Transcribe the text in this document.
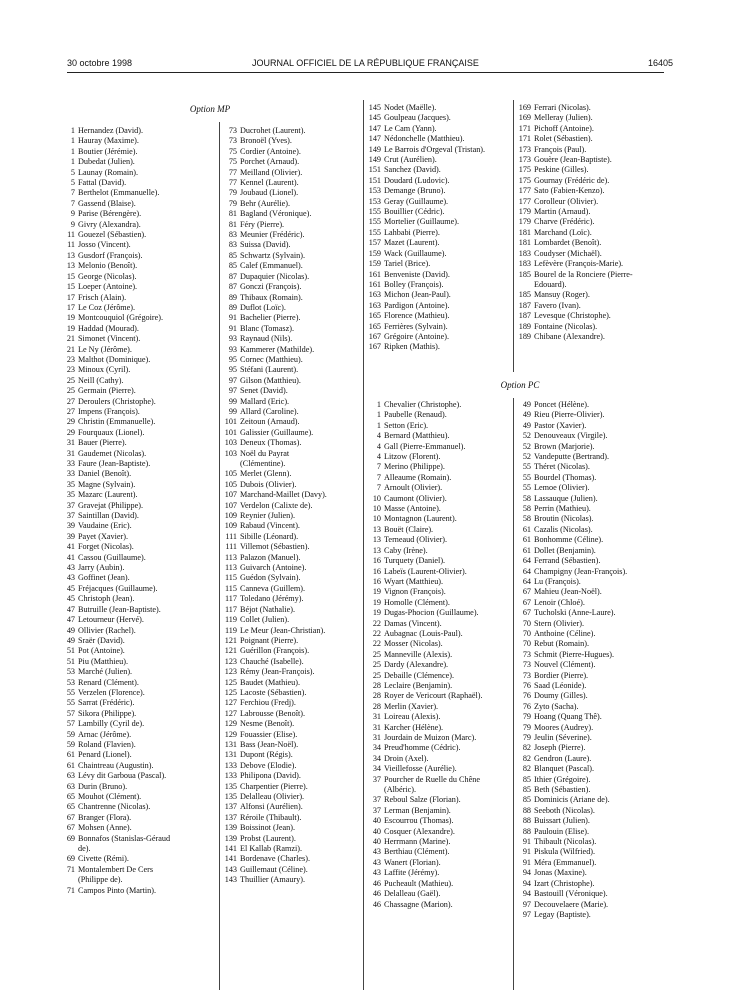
30 octobre 1998	JOURNAL OFFICIEL DE LA RÉPUBLIQUE FRANÇAISE	16405
Option MP
Option PC
1 Hernandez (David).
1 Hauray (Maxime).
1 Boutier (Jérémie).
1 Dubedat (Julien).
5 Launay (Romain).
5 Fattal (David).
7 Berthelot (Emmanuelle).
7 Gassend (Blaise).
9 Parise (Bérengère).
9 Givry (Alexandra).
11 Gouezel (Sébastien).
11 Josso (Vincent).
13 Gusdorf (François).
13 Melonio (Benoît).
15 George (Nicolas).
15 Loeper (Antoine).
17 Frisch (Alain).
17 Le Coz (Jérôme).
19 Montcouquiol (Grégoire).
19 Haddad (Mourad).
21 Simonet (Vincent).
21 Le Ny (Jérôme).
23 Malthot (Dominique).
23 Minoux (Cyril).
25 Neill (Cathy).
25 Germain (Pierre).
27 Deroulers (Christophe).
27 Impens (François).
29 Christin (Emmanuelle).
29 Fourquaux (Lionel).
31 Bauer (Pierre).
31 Gaudemet (Nicolas).
33 Faure (Jean-Baptiste).
33 Daniel (Benoît).
35 Magne (Sylvain).
35 Mazarc (Laurent).
37 Gravejat (Philippe).
37 Saintillan (David).
39 Vaudaine (Eric).
39 Payet (Xavier).
41 Forget (Nicolas).
41 Cassou (Guillaume).
43 Jarry (Aubin).
43 Goffinet (Jean).
45 Fréjacques (Guillaume).
45 Christoph (Jean).
47 Butruille (Jean-Baptiste).
47 Letourneur (Hervé).
49 Ollivier (Rachel).
49 Sraër (David).
51 Pot (Antoine).
51 Piu (Matthieu).
53 Marché (Julien).
53 Renard (Clément).
55 Verzelen (Florence).
55 Sarrat (Frédéric).
57 Sikora (Philippe).
57 Lambilly (Cyril de).
59 Arnac (Jérôme).
59 Roland (Flavien).
61 Penard (Lionel).
61 Chaintreau (Augustin).
63 Lévy dit Garboua (Pascal).
63 Durin (Bruno).
65 Mouhot (Clément).
65 Chantrenne (Nicolas).
67 Branger (Flora).
67 Mohsen (Anne).
69 Bonnafos (Stanislas-Géraud de).
69 Civette (Rémi).
71 Montalembert De Cers (Philippe de).
71 Campos Pinto (Martin).
73 Ducrohet (Laurent).
73 Bronoël (Yves).
75 Cordier (Antoine).
75 Porchet (Arnaud).
77 Meilland (Olivier).
77 Kennel (Laurent).
79 Joubaud (Lionel).
79 Behr (Aurélie).
81 Bagland (Véronique).
81 Féry (Pierre).
83 Meunier (Frédéric).
83 Suissa (David).
85 Schwartz (Sylvain).
85 Calef (Emmanuel).
87 Dupaquier (Nicolas).
87 Gonczi (François).
89 Thibaux (Romain).
89 Duflot (Loïc).
91 Bachelier (Pierre).
91 Blanc (Tomasz).
93 Raynaud (Nils).
93 Kammerer (Mathilde).
95 Cornec (Matthieu).
95 Stéfani (Laurent).
97 Gilson (Matthieu).
97 Senet (David).
99 Mallard (Eric).
99 Allard (Caroline).
101 Zeitoun (Arnaud).
101 Galissier (Guillaume).
103 Deneux (Thomas).
103 Noël du Payrat (Clémentine).
105 Merlet (Glenn).
105 Dubois (Olivier).
107 Marchand-Maillet (Davy).
107 Verdelon (Calixte de).
109 Reynier (Julien).
109 Rabaud (Vincent).
111 Sibille (Léonard).
111 Villemot (Sébastien).
113 Palazon (Manuel).
113 Guivarch (Antoine).
115 Guédon (Sylvain).
115 Canneva (Guillem).
117 Toledano (Jérémy).
117 Béjot (Nathalie).
119 Collet (Julien).
119 Le Meur (Jean-Christian).
121 Poignant (Pierre).
121 Guérillon (François).
123 Chauché (Isabelle).
123 Rémy (Jean-François).
125 Baudet (Mathieu).
125 Lacoste (Sébastien).
127 Ferchiou (Fredj).
127 Labrousse (Benoît).
129 Nesme (Benoît).
129 Fouassier (Elise).
131 Bass (Jean-Noël).
131 Dupont (Régis).
133 Debove (Elodie).
133 Philipona (David).
135 Charpentier (Pierre).
135 Delalleau (Olivier).
137 Alfonsi (Aurélien).
137 Réroile (Thibault).
139 Boissinot (Jean).
139 Probst (Laurent).
141 El Kallab (Ramzi).
141 Bordenave (Charles).
143 Guillemaut (Céline).
143 Thuillier (Amaury).
145 Nodet (Maëlle).
145 Goulpeau (Jacques).
147 Le Cam (Yann).
147 Nédonchelle (Matthieu).
149 Le Barrois d'Orgeval (Tristan).
149 Crut (Aurélien).
151 Sanchez (David).
151 Doudard (Ludovic).
153 Demange (Bruno).
153 Geray (Guillaume).
155 Bouillier (Cédric).
155 Mortelier (Guillaume).
155 Lahbabi (Pierre).
157 Mazet (Laurent).
159 Wack (Guillaume).
159 Tariel (Brice).
161 Benveniste (David).
161 Bolley (François).
163 Michon (Jean-Paul).
163 Pardigon (Antoine).
165 Florence (Mathieu).
165 Ferrières (Sylvain).
167 Grégoire (Antoine).
167 Ripken (Mathis).
169 Ferrari (Nicolas).
169 Melleray (Julien).
171 Pichoff (Antoine).
171 Rolet (Sébastien).
173 François (Paul).
173 Gouère (Jean-Baptiste).
175 Peskine (Gilles).
175 Gournay (Frédéric de).
177 Sato (Fabien-Kenzo).
177 Corolleur (Olivier).
179 Martin (Arnaud).
179 Charve (Frédéric).
181 Marchand (Loïc).
181 Lombardet (Benoît).
183 Coudyser (Michaël).
183 Lefèvère (François-Marie).
185 Bourel de la Ronciere (Pierre-Edouard).
185 Mansuy (Roger).
187 Favero (Ivan).
187 Levesque (Christophe).
189 Fontaine (Nicolas).
189 Chibane (Alexandre).
1 Chevalier (Christophe).
1 Paubelle (Renaud).
1 Setton (Eric).
4 Bernard (Matthieu).
4 Gall (Pierre-Emmanuel).
4 Litzow (Florent).
7 Merino (Philippe).
7 Alleaume (Romain).
7 Arnoult (Olivier).
10 Caumont (Olivier).
10 Masse (Antoine).
10 Montagnon (Laurent).
13 Bouët (Claire).
13 Terneaud (Olivier).
13 Caby (Irène).
16 Turquety (Daniel).
16 Labeïs (Laurent-Olivier).
16 Wyart (Matthieu).
19 Vignon (François).
19 Homolle (Clément).
19 Dugas-Phocion (Guillaume).
22 Damas (Vincent).
22 Aubagnac (Louis-Paul).
22 Mosser (Nicolas).
25 Manneville (Alexis).
25 Dardy (Alexandre).
25 Debaille (Clémence).
28 Leclaire (Benjamin).
28 Royer de Vericourt (Raphaël).
28 Merlin (Xavier).
31 Loireau (Alexis).
31 Karcher (Hélène).
31 Jourdain de Muizon (Marc).
34 Preud'homme (Cédric).
34 Droin (Axel).
34 Vieillefosse (Aurélie).
37 Pourcher de Ruelle du Chêne (Albéric).
37 Reboul Salze (Florian).
37 Lerman (Benjamin).
40 Escourrou (Thomas).
40 Cosquer (Alexandre).
40 Herrmann (Marine).
43 Berthiau (Clément).
43 Wanert (Florian).
43 Laffite (Jérémy).
46 Pucheault (Mathieu).
46 Delalleau (Gaël).
46 Chassagne (Marion).
49 Poncet (Hélène).
49 Rieu (Pierre-Olivier).
49 Pastor (Xavier).
52 Denouveaux (Virgile).
52 Brown (Marjorie).
52 Vandeputte (Bertrand).
55 Théret (Nicolas).
55 Bourdel (Thomas).
55 Lemoe (Olivier).
58 Lassauque (Julien).
58 Perrin (Mathieu).
58 Broutin (Nicolas).
61 Cazalis (Nicolas).
61 Bonhomme (Céline).
61 Dollet (Benjamin).
64 Ferrand (Sébastien).
64 Champigny (Jean-François).
64 Lu (François).
67 Mahieu (Jean-Noël).
67 Lenoir (Chloé).
67 Tucholski (Anne-Laure).
70 Stern (Olivier).
70 Anthoine (Céline).
70 Rebut (Romain).
73 Schmit (Pierre-Hugues).
73 Nouvel (Clément).
73 Bordier (Pierre).
76 Saad (Léonide).
76 Doumy (Gilles).
76 Zyto (Sacha).
79 Hoang (Quang Thê).
79 Moores (Audrey).
79 Jeulin (Séverine).
82 Joseph (Pierre).
82 Gendron (Laure).
82 Blanquet (Pascal).
85 Ithier (Grégoire).
85 Beth (Sébastien).
85 Dominicis (Ariane de).
88 Seeboth (Nicolas).
88 Buissart (Julien).
88 Paulouin (Elise).
91 Thibault (Nicolas).
91 Piskula (Wilfried).
91 Méra (Emmanuel).
94 Jonas (Maxine).
94 Izart (Christophe).
94 Bastouill (Véronique).
97 Decouvelaere (Marie).
97 Legay (Baptiste).
